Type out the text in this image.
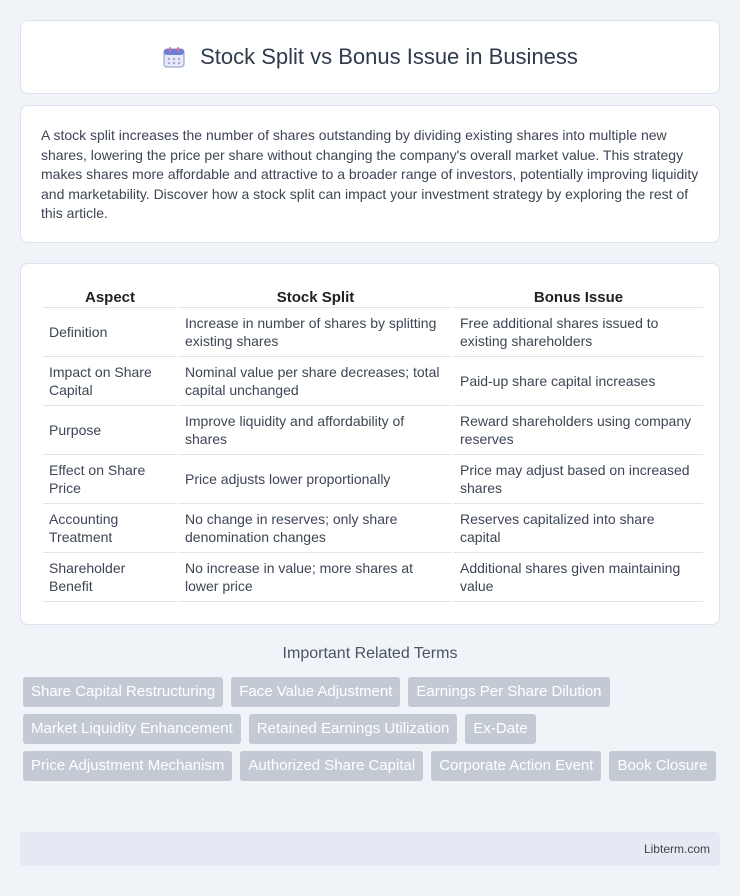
Stock Split vs Bonus Issue in Business

A stock split increases the number of shares outstanding by dividing existing shares into multiple new shares, lowering the price per share without changing the company's overall market value. This strategy makes shares more affordable and attractive to a broader range of investors, potentially improving liquidity and marketability. Discover how a stock split can impact your investment strategy by exploring the rest of this article.

Aspect	Stock Split	Bonus Issue
Definition	Increase in number of shares by splitting existing shares	Free additional shares issued to existing shareholders
Impact on Share Capital	Nominal value per share decreases; total capital unchanged	Paid-up share capital increases
Purpose	Improve liquidity and affordability of shares	Reward shareholders using company reserves
Effect on Share Price	Price adjusts lower proportionally	Price may adjust based on increased shares
Accounting Treatment	No change in reserves; only share denomination changes	Reserves capitalized into share capital
Shareholder Benefit	No increase in value; more shares at lower price	Additional shares given maintaining value
Important Related Terms
Share Capital Restructuring	Face Value Adjustment	Earnings Per Share Dilution
Market Liquidity Enhancement	Retained Earnings Utilization	Ex-Date
Price Adjustment Mechanism	Authorized Share Capital	Corporate Action Event	Book Closure
Libterm.com
